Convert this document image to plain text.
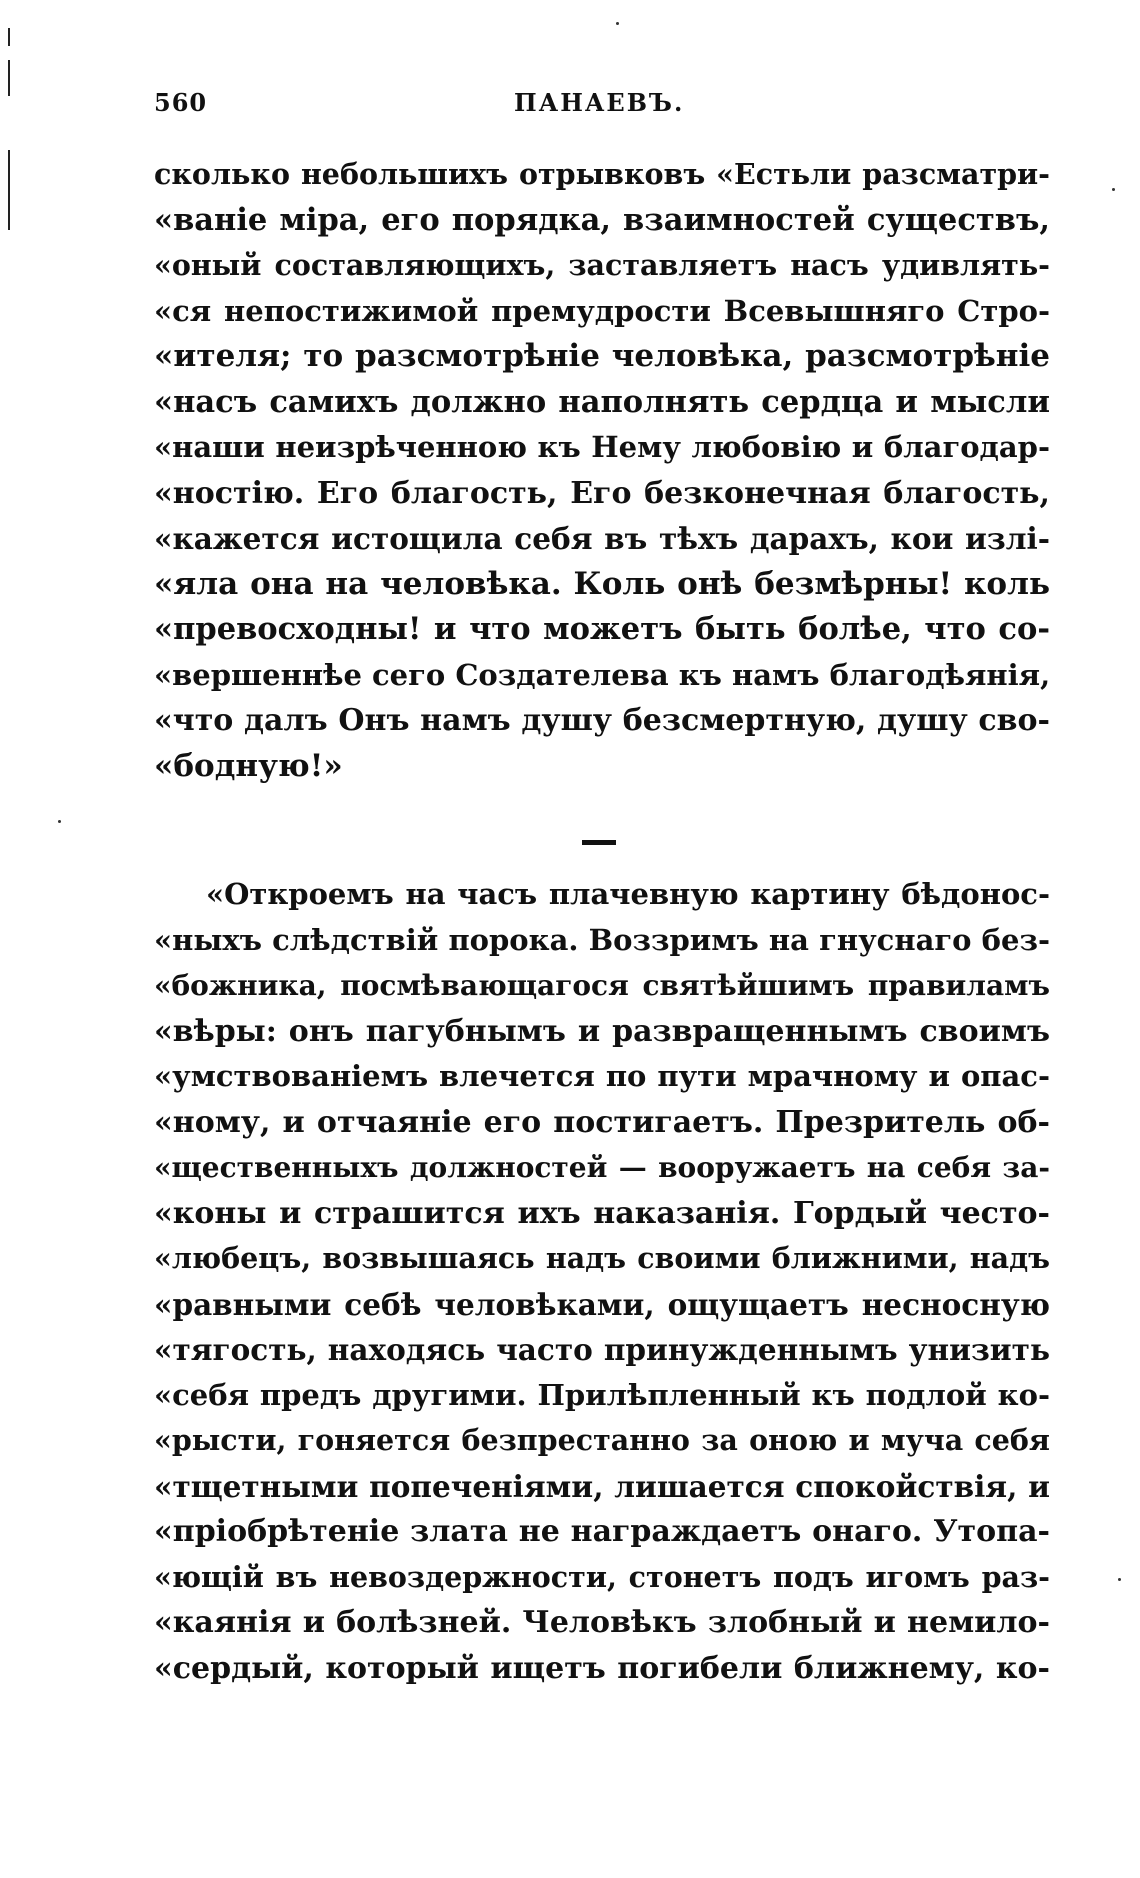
560	ПАНАЕВЪ.
сколько небольшихъ отрывковъ «Естьли разсматри-
«ванiе мiра, его порядка, взаимностей существъ,
«оный составляющихъ, заставляетъ насъ удивлять-
«ся непостижимой премудрости Всевышняго Стро-
«ителя; то разсмотрѣнiе человѣка, разсмотрѣнiе
«насъ самихъ должно наполнять сердца и мысли
«наши неизрѣченною къ Нему любовiю и благодар-
«ностiю. Его благость, Его безконечная благость,
«кажется истощила себя въ тѣхъ дарахъ, кои излi-
«яла она на человѣка. Коль онѣ безмѣрны! коль
«превосходны! и что можетъ быть болѣе, что со-
«вершеннѣе сего Создателева къ намъ благодѣянiя,
«что далъ Онъ намъ душу безсмертную, душу сво-
«бодную!»
«Откроемъ на часъ плачевную картину бѣдонос-
«ныхъ слѣдствiй порока. Воззримъ на гнуснаго без-
«божника, посмѣвающагося святѣйшимъ правиламъ
«вѣры: онъ пагубнымъ и развращеннымъ своимъ
«умствованiемъ влечется по пути мрачному и опас-
«ному, и отчаянiе его постигаетъ. Презритель об-
«щественныхъ должностей — вооружаетъ на себя за-
«коны и страшится ихъ наказанiя. Гордый често-
«любецъ, возвышаясь надъ своими ближними, надъ
«равными себѣ человѣками, ощущаетъ несносную
«тягость, находясь часто принужденнымъ унизить
«себя предъ другими. Прилѣпленный къ подлой ко-
«рысти, гоняется безпрестанно за оною и муча себя
«тщетными попеченiями, лишается спокойствiя, и
«прiобрѣтенiе злата не награждаетъ онаго. Утопа-
«ющiй въ невоздержности, стонетъ подъ игомъ раз-
«каянiя и болѣзней. Человѣкъ злобный и немило-
«сердый, который ищетъ погибели ближнему, ко-
